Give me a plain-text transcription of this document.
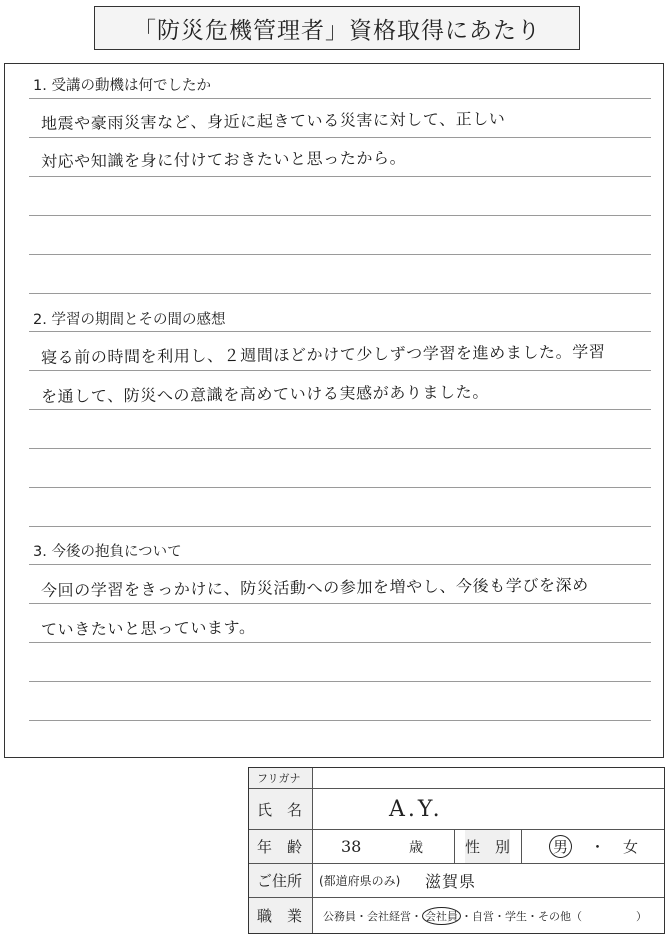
「防災危機管理者」資格取得にあたり
1. 受講の動機は何でしたか
地震や豪雨災害など、身近に起きている災害に対して、正しい
対応や知識を身に付けておきたいと思ったから。
2. 学習の期間とその間の感想
寝る前の時間を利用し、２週間ほどかけて少しずつ学習を進めました。学習
を通して、防災への意識を高めていける実感がありました。
3. 今後の抱負について
今回の学習をきっかけに、防災活動への参加を増やし、今後も学びを深め
ていきたいと思っています。
フリガナ
氏　名	A.Y.
年　齢	38	歳	性　別	男 ・ 女
ご住所	(都道府県のみ) 滋賀県
職　業	公務員・会社経営・ 会社員 ・自営・学生・その他（	）
